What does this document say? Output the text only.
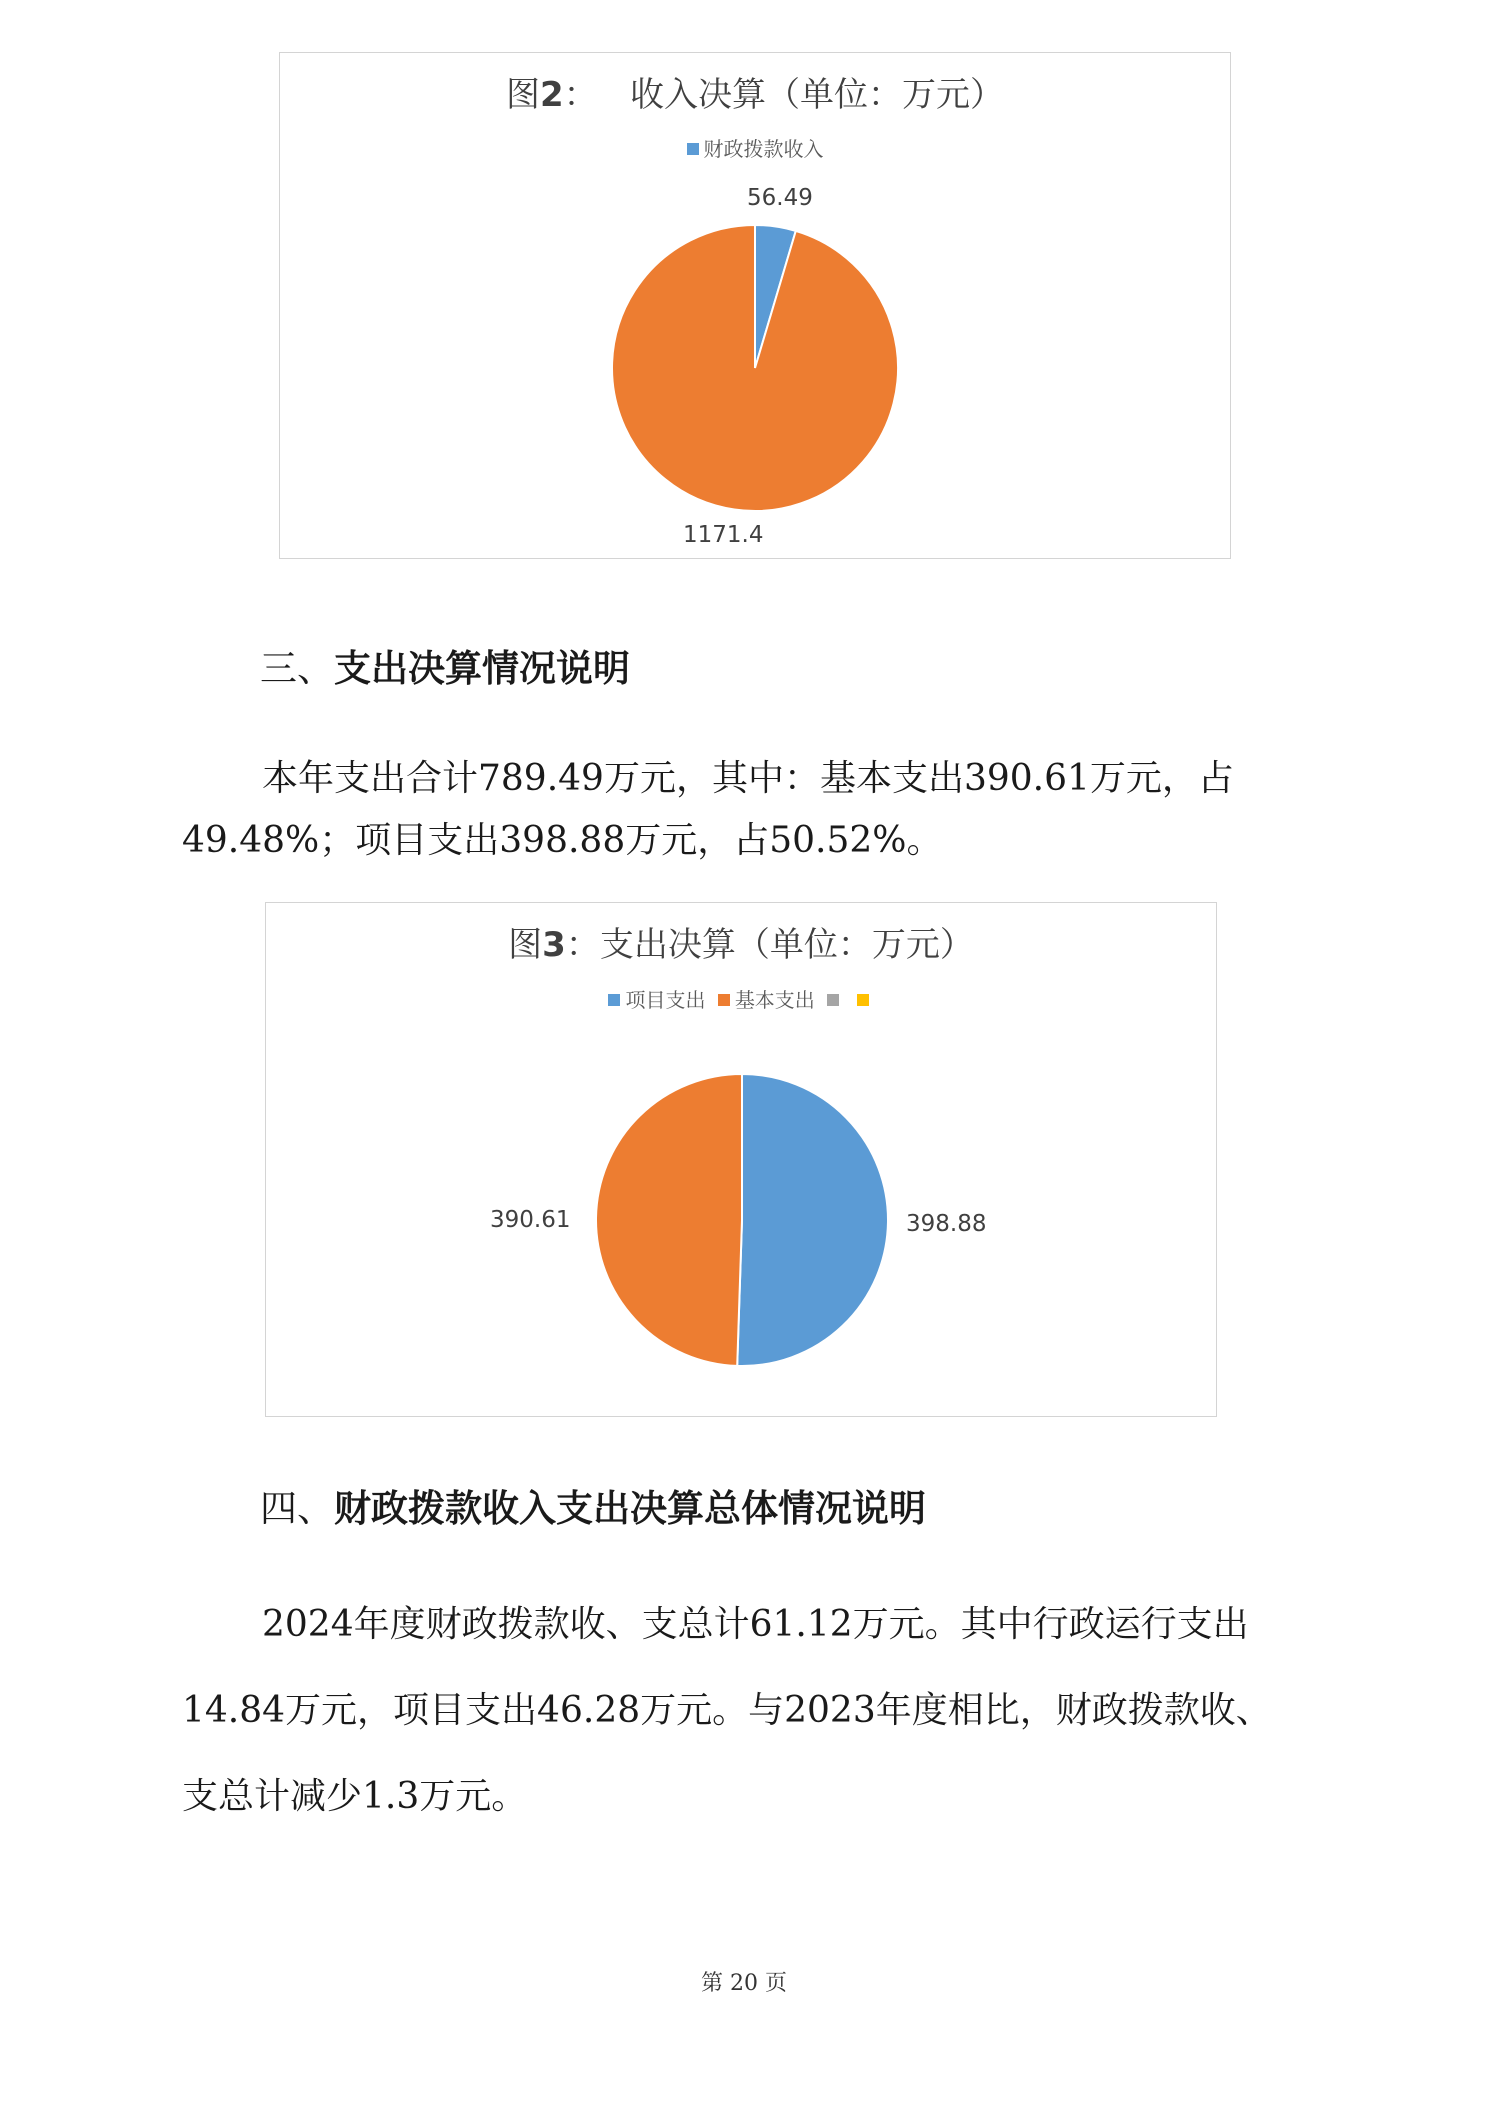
图2：   收入决算（单位：万元）
财政拨款收入
56.49
1171.4
三、支出决算情况说明
本年支出合计789.49万元，其中：基本支出390.61万元，占
49.48%；项目支出398.88万元，占50.52%。
图3：支出决算（单位：万元）
项目支出 基本支出
398.88
390.61
四、财政拨款收入支出决算总体情况说明
2024年度财政拨款收、支总计61.12万元。其中行政运行支出
14.84万元，项目支出46.28万元。与2023年度相比，财政拨款收、
支总计减少1.3万元。
第 20 页
